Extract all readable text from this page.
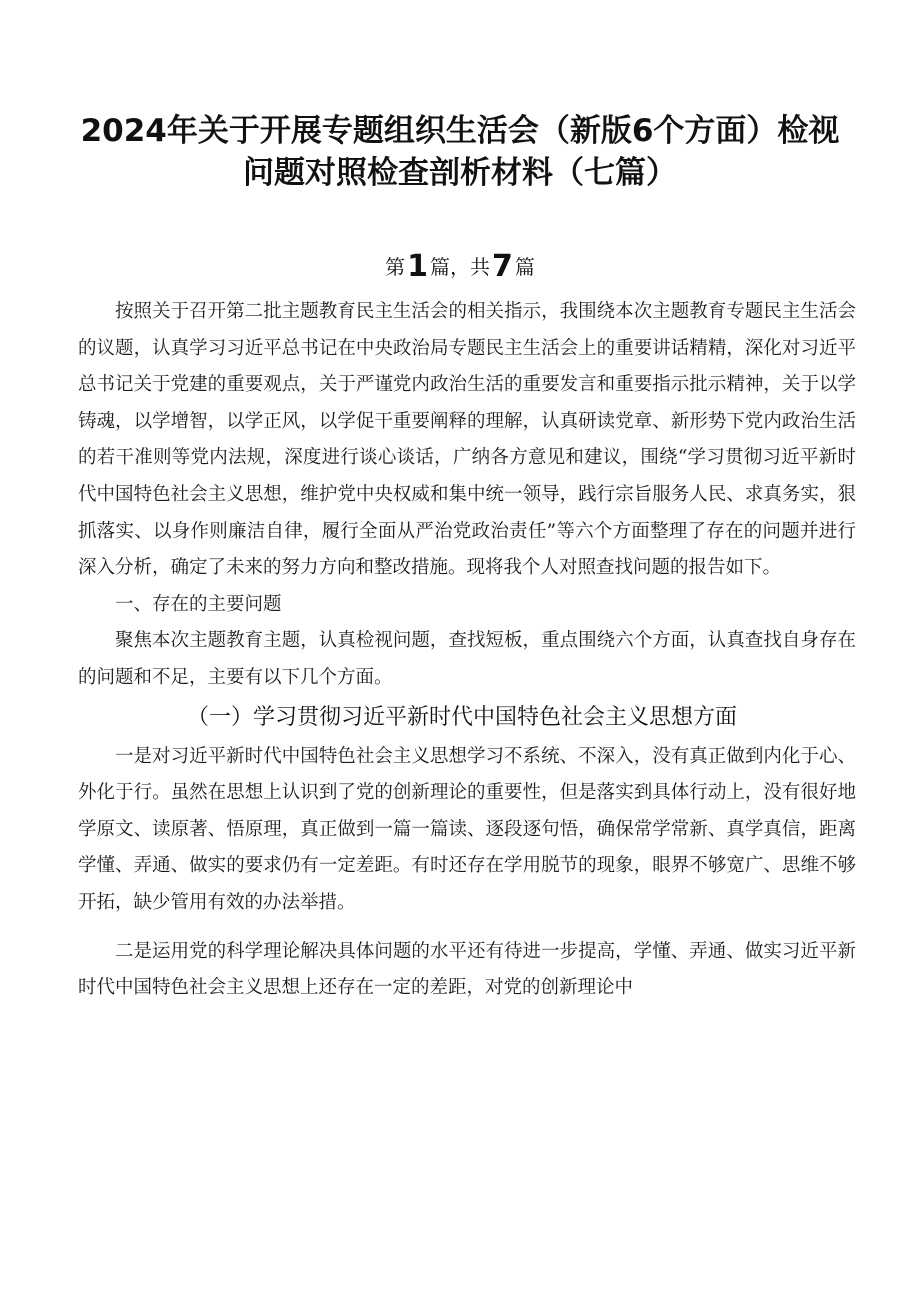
2024年关于开展专题组织生活会（新版6个方面）检视
问题对照检查剖析材料（七篇）
第1 篇，共7 篇

按照关于召开第二批主题教育民主生活会的相关指示，我围绕本次主题教育专题民主生活会的议题，认真学习习近平总书记在中央政治局专题民主生活会上的重要讲话精精，深化对习近平总书记关于党建的重要观点，关于严谨党内政治生活的重要发言和重要指示批示精神，关于以学铸魂，以学增智，以学正风，以学促干重要阐释的理解，认真研读党章、新形势下党内政治生活的若干准则等党内法规，深度进行谈心谈话，广纳各方意见和建议，围绕“学习贯彻习近平新时代中国特色社会主义思想，维护党中央权威和集中统一领导，践行宗旨服务人民、求真务实，狠抓落实、以身作则廉洁自律，履行全面从严治党政治责任”等六个方面整理了存在的问题并进行深入分析，确定了未来的努力方向和整改措施。现将我个人对照查找问题的报告如下。

一、存在的主要问题

聚焦本次主题教育主题，认真检视问题，查找短板，重点围绕六个方面，认真查找自身存在的问题和不足，主要有以下几个方面。

（一）学习贯彻习近平新时代中国特色社会主义思想方面

一是对习近平新时代中国特色社会主义思想学习不系统、不深入，没有真正做到内化于心、外化于行。虽然在思想上认识到了党的创新理论的重要性，但是落实到具体行动上，没有很好地学原文、读原著、悟原理，真正做到一篇一篇读、逐段逐句悟，确保常学常新、真学真信，距离学懂、弄通、做实的要求仍有一定差距。有时还存在学用脱节的现象，眼界不够宽广、思维不够开拓，缺少管用有效的办法举措。

二是运用党的科学理论解决具体问题的水平还有待进一步提高，学懂、弄通、做实习近平新时代中国特色社会主义思想上还存在一定的差距，对党的创新理论中
